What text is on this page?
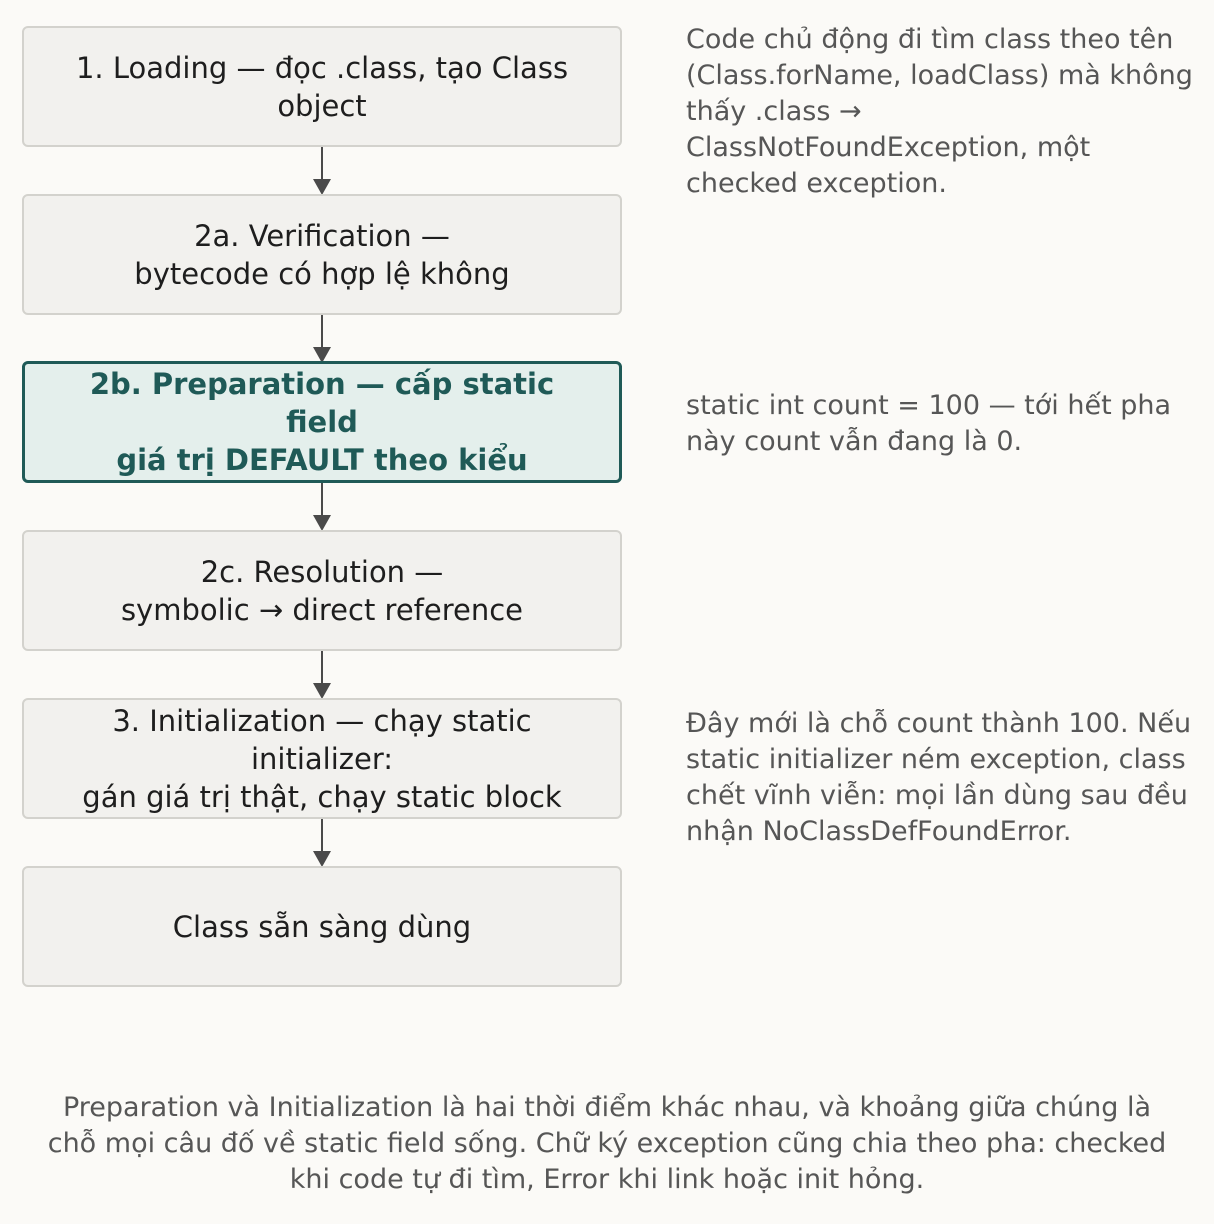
1. Loading — đọc .class, tạo Class
object
2a. Verification —
bytecode có hợp lệ không
2b. Preparation — cấp static field
giá trị DEFAULT theo kiểu
2c. Resolution —
symbolic → direct reference
3. Initialization — chạy static
initializer:
gán giá trị thật, chạy static block
Class sẵn sàng dùng
Code chủ động đi tìm class theo tên (Class.forName, loadClass) mà không thấy .class → ClassNotFoundException, một checked exception.
static int count = 100 — tới hết pha này count vẫn đang là 0.
Đây mới là chỗ count thành 100. Nếu static initializer ném exception, class chết vĩnh viễn: mọi lần dùng sau đều nhận NoClassDefFoundError.
Preparation và Initialization là hai thời điểm khác nhau, và khoảng giữa chúng là chỗ mọi câu đố về static field sống. Chữ ký exception cũng chia theo pha: checked khi code tự đi tìm, Error khi link hoặc init hỏng.
